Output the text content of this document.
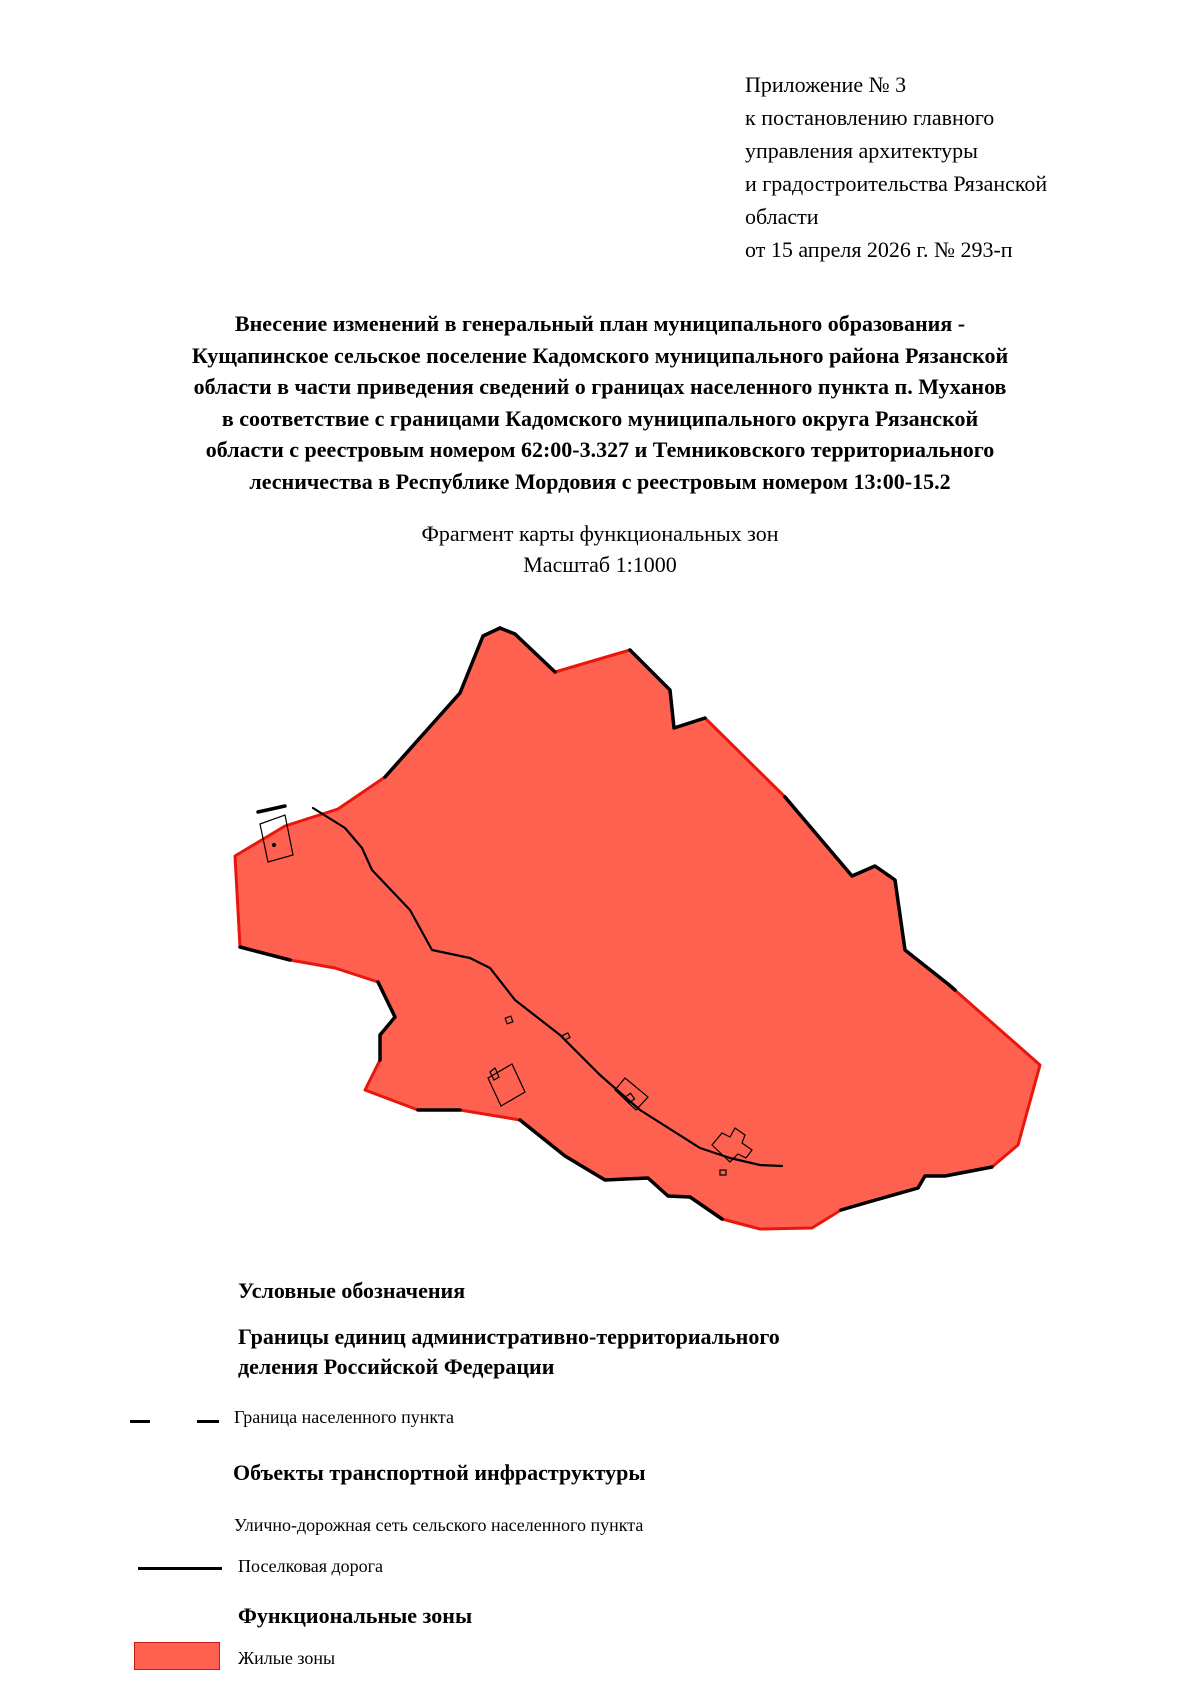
Приложение № 3
к постановлению главного
управления архитектуры
и градостроительства Рязанской
области
от 15 апреля 2026 г. № 293-п
Внесение изменений в генеральный план муниципального образования -
Кущапинское сельское поселение Кадомского муниципального района Рязанской
области в части приведения сведений о границах населенного пункта п. Муханов
в соответствие с границами Кадомского муниципального округа Рязанской
области с реестровым номером 62:00-3.327 и Темниковского территориального
лесничества в Республике Мордовия с реестровым номером 13:00-15.2
Фрагмент карты функциональных зон
Масштаб 1:1000
Условные обозначения
Границы единиц административно-территориального
деления Российской Федерации
Граница населенного пункта
Объекты транспортной инфраструктуры
Улично-дорожная сеть сельского населенного пункта
Поселковая дорога
Функциональные зоны
Жилые зоны
